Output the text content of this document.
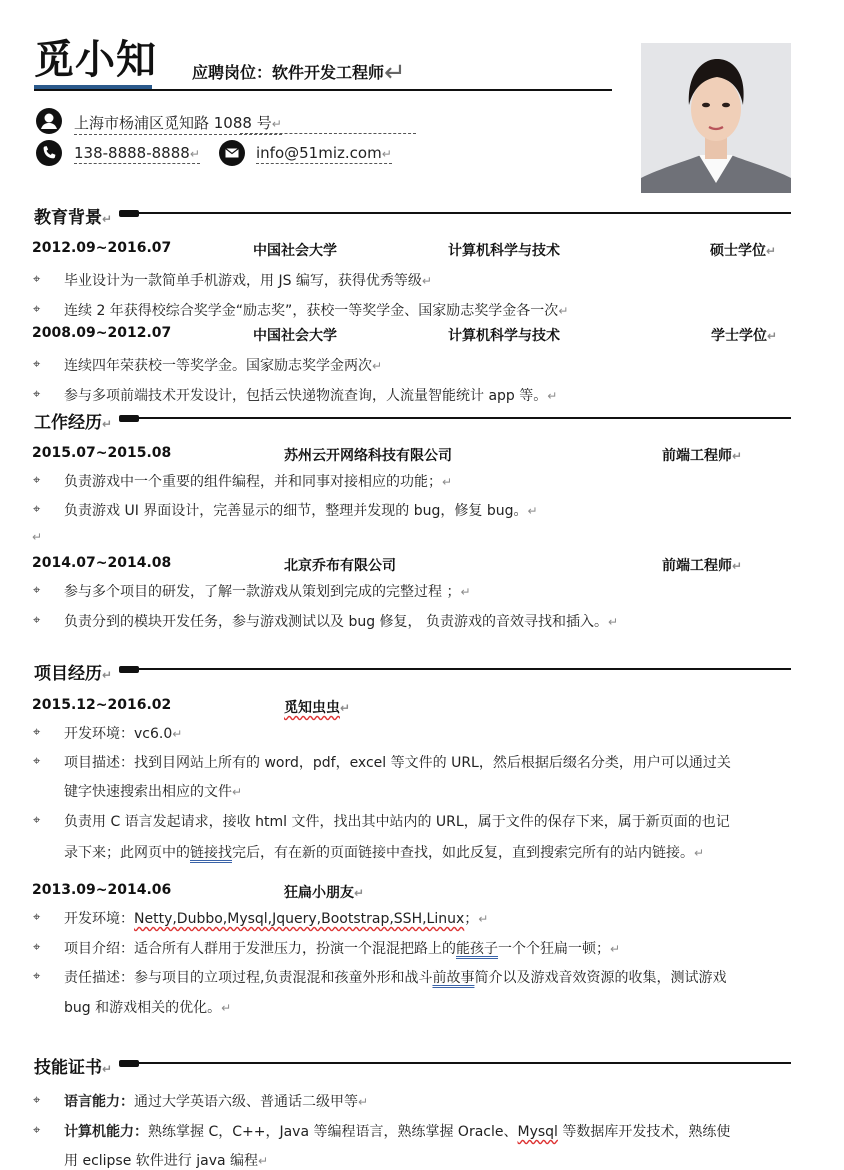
觅小知 应聘岗位：软件开发工程师↵
上海市杨浦区觅知路 1088 号↵
138-8888-8888↵	info@51miz.com↵
教育背景↵
2012.09~2016.07	中国社会大学	计算机科学与技术	硕士学位↵
⌖ 毕业设计为一款简单手机游戏，用 JS 编写，获得优秀等级↵
⌖ 连续 2 年获得校综合奖学金“励志奖”，获校一等奖学金、国家励志奖学金各一次↵
2008.09~2012.07	中国社会大学	计算机科学与技术	学士学位↵
⌖ 连续四年荣获校一等奖学金。国家励志奖学金两次↵
⌖ 参与多项前端技术开发设计，包括云快递物流查询，人流量智能统计 app 等。↵
工作经历↵
2015.07~2015.08	苏州云开网络科技有限公司	前端工程师↵
⌖ 负责游戏中一个重要的组件编程，并和同事对接相应的功能；↵
⌖ 负责游戏 UI 界面设计，完善显示的细节，整理并发现的 bug，修复 bug。↵
↵
2014.07~2014.08	北京乔布有限公司	前端工程师↵
⌖ 参与多个项目的研发，了解一款游戏从策划到完成的完整过程 ；↵
⌖ 负责分到的模块开发任务，参与游戏测试以及 bug 修复， 负责游戏的音效寻找和插入。↵
项目经历↵
2015.12~2016.02	觅知虫虫↵
⌖ 开发环境：vc6.0↵
⌖ 项目描述：找到目网站上所有的 word，pdf，excel 等文件的 URL，然后根据后缀名分类，用户可以通过关
键字快速搜索出相应的文件↵
⌖ 负责用 C 语言发起请求，接收 html 文件，找出其中站内的 URL，属于文件的保存下来，属于新页面的也记
录下来；此网页中的链接找完后，有在新的页面链接中查找，如此反复，直到搜索完所有的站内链接。↵
2013.09~2014.06	狂扁小朋友↵
⌖ 开发环境：Netty,Dubbo,Mysql,Jquery,Bootstrap,SSH,Linux；↵
⌖ 项目介绍：适合所有人群用于发泄压力，扮演一个混混把路上的能孩子一个个狂扁一顿；↵
⌖ 责任描述：参与项目的立项过程,负责混混和孩童外形和战斗前故事简介以及游戏音效资源的收集，测试游戏
bug 和游戏相关的优化。↵
技能证书↵
⌖ 语言能力：通过大学英语六级、普通话二级甲等↵
⌖ 计算机能力：熟练掌握 C，C++，Java 等编程语言，熟练掌握 Oracle、Mysql 等数据库开发技术，熟练使
用 eclipse 软件进行 java 编程↵
